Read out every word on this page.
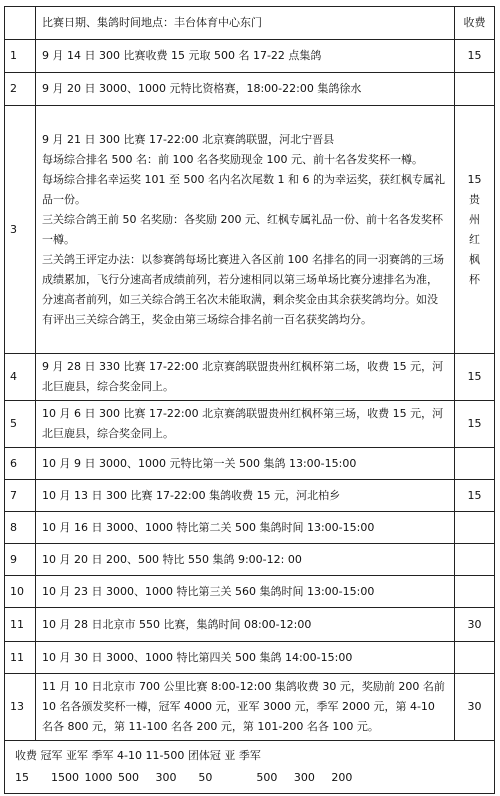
	比赛日期、集鸽时间地点：丰台体育中心东门	收费
1	9 月 14 日 300 比赛收费 15 元取 500 名 17-22 点集鸽	15
2	9 月 20 日 3000、1000 元特比资格赛，18:00-22:00 集鸽徐水	

3	9 月 21 日 300 比赛 17-22:00 北京赛鸽联盟，河北宁晋县

每场综合排名 500 名：前 100 名各奖励现金 100 元、前十名各发奖杯一樽。

每场综合排名幸运奖 101 至 500 名内名次尾数 1 和 6 的为幸运奖，获红枫专属礼品一份。

三关综合鸽王前 50 名奖励：各奖励 200 元、红枫专属礼品一份、前十名各发奖杯一樽。

三关鸽王评定办法：以参赛鸽每场比赛进入各区前 100 名排名的同一羽赛鸽的三场成绩累加，飞行分速高者成绩前列，若分速相同以第三场单场比赛分速排名为准，分速高者前列，如三关综合鸽王名次未能取满，剩余奖金由其余获奖鸽均分。如没有评出三关综合鸽王，奖金由第三场综合排名前一百名获奖鸽均分。	15贵州红枫杯
4	9 月 28 日 330 比赛 17-22:00 北京赛鸽联盟贵州红枫杯第二场，收费 15 元，河北巨鹿县，综合奖金同上。	15
5	10 月 6 日 300 比赛 17-22:00 北京赛鸽联盟贵州红枫杯第三场，收费 15 元，河北巨鹿县，综合奖金同上。	15
6	10 月 9 日 3000、1000 元特比第一关 500 集鸽 13:00-15:00	

7	10 月 13 日 300 比赛 17-22:00 集鸽收费 15 元，河北柏乡	15
8	10 月 16 日 3000、1000 特比第二关 500 集鸽时间 13:00-15:00	

9	10 月 20 日 200、500 特比 550 集鸽 9:00-12: 00	

10	10 月 23 日 3000、1000 特比第三关 560 集鸽时间 13:00-15:00	

11	10 月 28 日北京市 550 比赛，集鸽时间 08:00-12:00	30
11	10 月 30 日 3000、1000 特比第四关 500 集鸽 14:00-15:00	

13	11 月 10 日北京市 700 公里比赛 8:00-12:00 集鸽收费 30 元，奖励前 200 名前 10 名各颁发奖杯一樽，冠军 4000 元，亚军 3000 元，季军 2000 元，第 4-10 名各 800 元，第 11-100 名各 200 元，第 101-200 名各 100 元。	30

收费 冠军 亚军 季军 4-10 11-500 团体冠 亚 季军
15    1500 1000 500   300    50        500   300   200		
